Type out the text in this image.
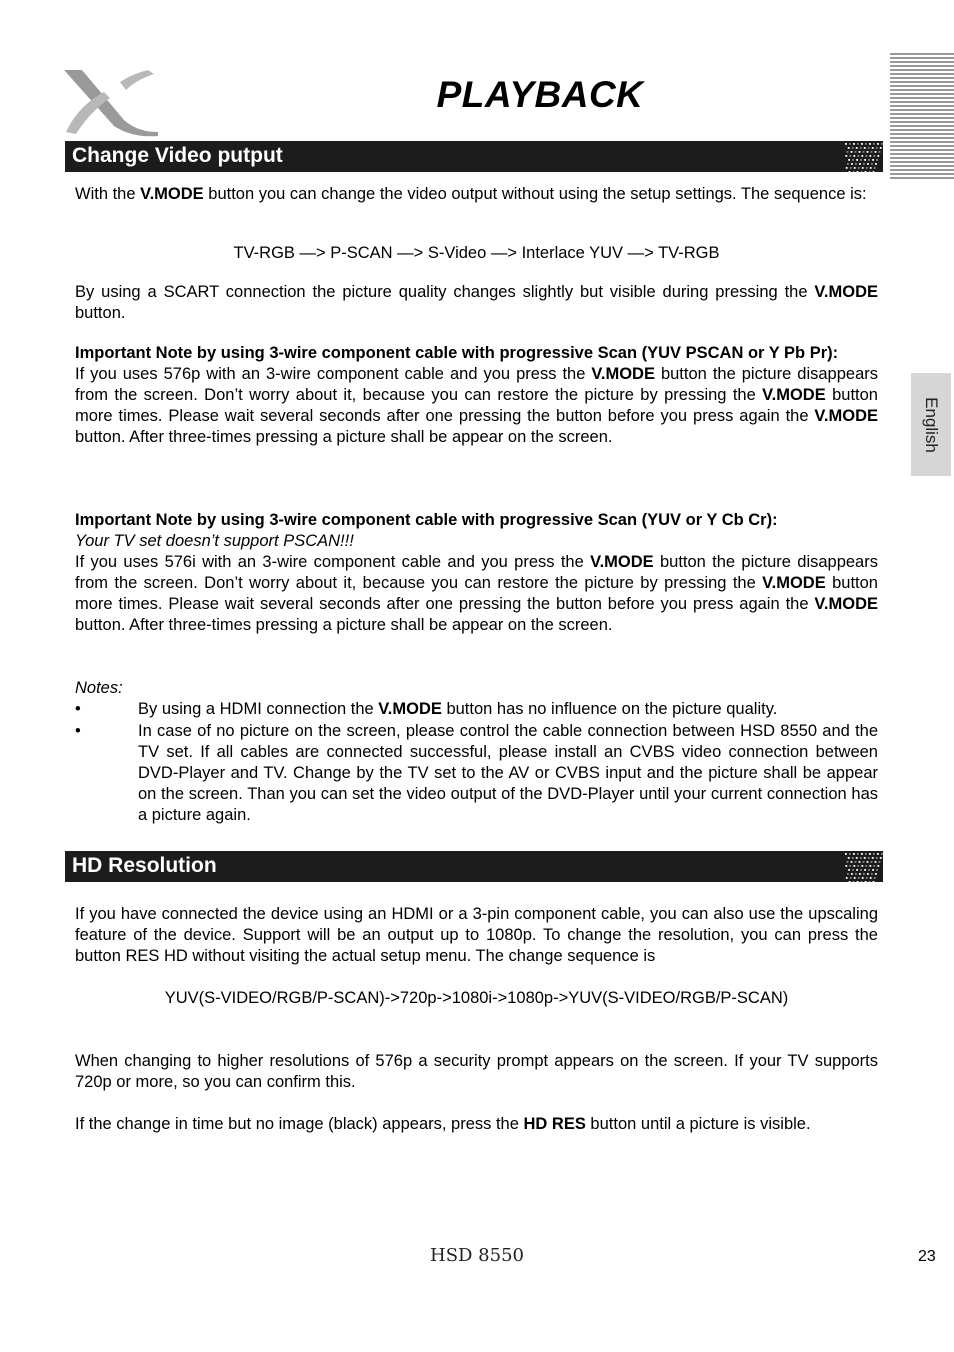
PLAYBACK
English
Change Video putput
With the V.MODE button you can change the video output without using the setup settings. The sequence is:
TV-RGB —> P-SCAN —> S-Video —> Interlace YUV —> TV-RGB
By using a SCART connection the picture quality changes slightly but visible during pressing the V.MODE button.
Important Note by using 3-wire component cable with progressive Scan (YUV PSCAN or Y Pb Pr):
If you uses 576p with an 3-wire component cable and you press the V.MODE button the picture disappears from the screen. Don’t worry about it, because you can restore the picture by pressing the V.MODE button more times. Please wait several seconds after one pressing the button before you press again the V.MODE button. After three-times pressing a picture shall be appear on the screen.
Important Note by using 3-wire component cable with progressive Scan (YUV or Y Cb Cr):
Your TV set doesn’t support PSCAN!!!
If you uses 576i with an 3-wire component cable and you press the V.MODE button the picture disappears from the screen. Don’t worry about it, because you can restore the picture by pressing the V.MODE button more times. Please wait several seconds after one pressing the button before you press again the V.MODE button. After three-times pressing a picture shall be appear on the screen.
Notes:
•	By using a HDMI connection the V.MODE button has no influence on the picture quality.
•	In case of no picture on the screen, please control the cable connection between HSD 8550 and the TV set. If all cables are connected successful, please install an CVBS video connection between DVD-Player and TV. Change by the TV set to the AV or CVBS input and the picture shall be appear on the screen. Than you can set the video output of the DVD-Player until your current connection has a picture again.
HD Resolution
If you have connected the device using an HDMI or a 3-pin component cable, you can also use the upscaling feature of the device. Support will be an output up to 1080p. To change the resolution, you can press the button RES HD without visiting the actual setup menu. The change sequence is
YUV(S-VIDEO/RGB/P-SCAN)->720p->1080i->1080p->YUV(S-VIDEO/RGB/P-SCAN)
When changing to higher resolutions of 576p a security prompt appears on the screen. If your TV supports 720p or more, so you can confirm this.
If the change in time but no image (black) appears, press the HD RES button until a picture is visible.
HSD 8550	23
